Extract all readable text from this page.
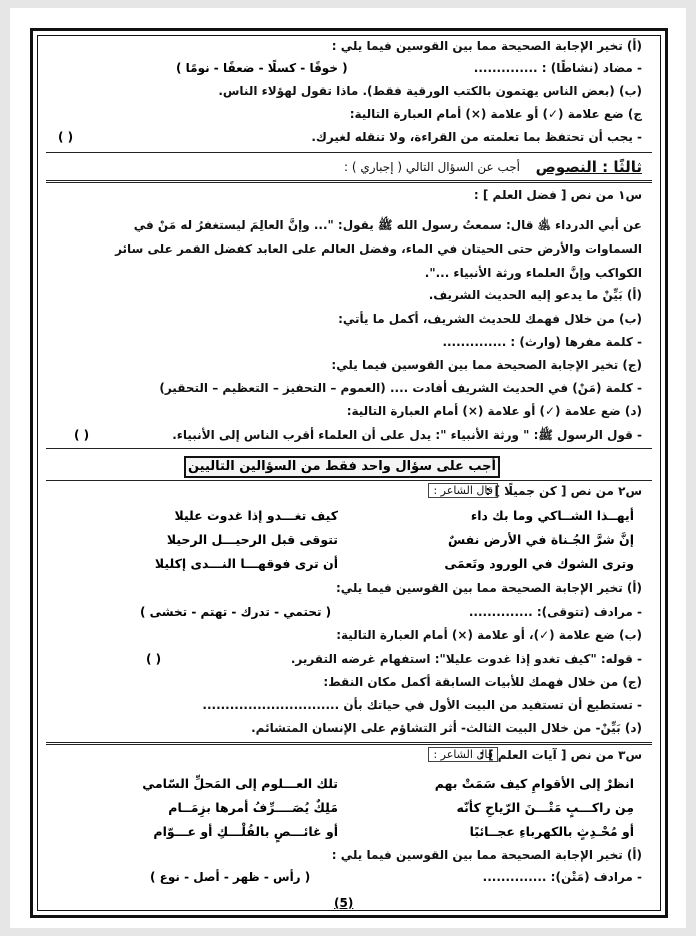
(أ) تخير الإجابة الصحيحة مما بين القوسين فيما يلي :
- مضاد (نشاطًا) : ..............
( خوفًا - كسلًا - ضعفًا - نومًا )
(ب) (بعض الناس يهتمون بالكتب الورقية فقط). ماذا تقول لهؤلاء الناس.
ج) ضع علامة (✓) أو علامة (×) أمام العبارة التالية:
- يجب أن تحتفظ بما تعلمته من القراءة، ولا تنقله لغيرك.
( )
ثالثًا : النصوص
أجب عن السؤال التالي ( إجباري ) :
س١ من نص [ فضل العلم ] :
عن أبي الدرداء ﵁ قال: سمعتُ رسول الله ﷺ يقول: "... وإنَّ العالِمَ ليستغفرُ له مَنْ في
السماوات والأرض حتى الحيتان في الماء، وفضل العالم على العابد كفضل القمر على سائر
الكواكب وإنَّ العلماء ورثة الأنبياء ...".
(أ) بَيِّنْ ما يدعو إليه الحديث الشريف.
(ب) من خلال فهمك للحديث الشريف، أكمل ما يأتي:
- كلمة مفرها (وارث) : ..............
(ج) تخير الإجابة الصحيحة مما بين القوسين فيما يلي:
- كلمة (مَنْ) في الحديث الشريف أفادت .... (العموم – التحفيز – التعظيم – التحقير)
(د) ضع علامة (✓) أو علامة (×) أمام العبارة التالية:
- قول الرسول ﷺ: " ورثة الأنبياء ": يدل على أن العلماء أقرب الناس إلى الأنبياء.
( )
أجب على سؤال واحد فقط من السؤالين التاليين
س٢ من نص [ كن جميلًا ] :
قال الشاعر :
أيهــذا الشــاكي وما بك داء
كيف تغـــدو إذا غدوت عليلا
إنَّ شرَّ الجُـناة في الأرض نفسٌ
تتوقى قبل الرحيـــل الرحيلا
وترى الشوك في الورود وتَعمَى
أن ترى فوقهـــا النـــدى إكليلا
(أ) تخير الإجابة الصحيحة مما بين القوسين فيما يلي:
- مرادف (تتوقى): ..............
( تحتمي - تدرك - تهتم - تخشى )
(ب) ضع علامة (✓)، أو علامة (×) أمام العبارة التالية:
- قوله: "كيف تغدو إذا غدوت عليلا": استفهام غرضه التقرير.
( )
(ج) من خلال فهمك للأبيات السابقة أكمل مكان النقط:
- تستطيع أن تستفيد من البيت الأول في حياتك بأن ..............................
(د) بَيِّنْ- من خلال البيت الثالث- أثر التشاؤم على الإنسان المتشائم.
س٣ من نص [ آيات العلم ] :
قال الشاعر :
انظرْ إلى الأقوامِ كيف سَمَتْ بهم
تلك العـــلوم إلى المَحلِّ السّامي
مِن راكـــبٍ مَتْـــنَ الرّياحِ كأنّه
مَلِكٌ يُصَــــرِّفُ أمرها بزِمَــام
أو مُحْـدِثٍ بالكهرباءِ عجــائبًا
أو غائـــصٍ بالفُلْـــكِ أو عـــوّام
(أ) تخير الإجابة الصحيحة مما بين القوسين فيما يلي :
- مرادف (مَتْن): ..............
( رأس - ظهر - أصل - نوع )
(5)
